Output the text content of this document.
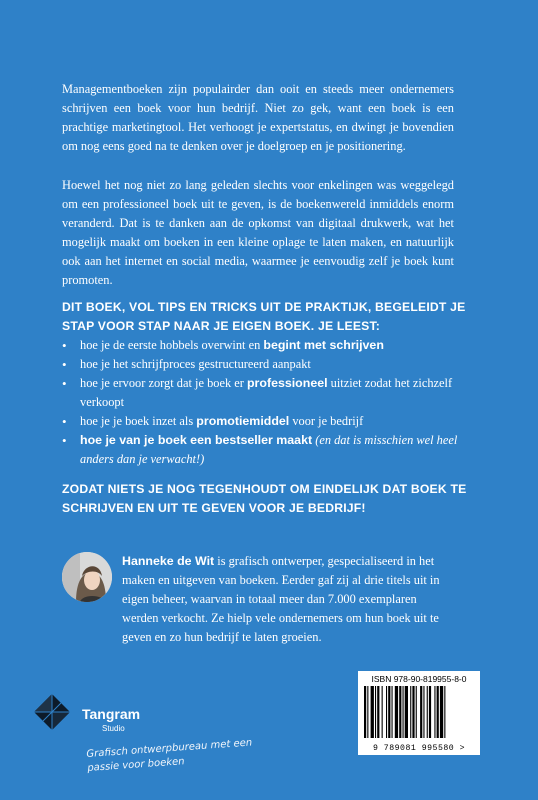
Managementboeken zijn populairder dan ooit en steeds meer ondernemers schrijven een boek voor hun bedrijf. Niet zo gek, want een boek is een prachtige marketingtool. Het verhoogt je expertstatus, en dwingt je bovendien om nog eens goed na te denken over je doelgroep en je positionering.

Hoewel het nog niet zo lang geleden slechts voor enkelingen was weggelegd om een professioneel boek uit te geven, is de boekenwereld inmiddels enorm veranderd. Dat is te danken aan de opkomst van digitaal drukwerk, wat het mogelijk maakt om boeken in een kleine oplage te laten maken, en natuurlijk ook aan het internet en social media, waarmee je eenvoudig zelf je boek kunt promoten.

DIT BOEK, VOL TIPS EN TRICKS UIT DE PRAKTIJK, BEGELEIDT JE STAP VOOR STAP NAAR JE EIGEN BOEK. JE LEEST:

• hoe je de eerste hobbels overwint en begint met schrijven
• hoe je het schrijfproces gestructureerd aanpakt
• hoe je ervoor zorgt dat je boek er professioneel uitziet zodat het zichzelf verkoopt
• hoe je je boek inzet als promotiemiddel voor je bedrijf
• hoe je van je boek een bestseller maakt (en dat is misschien wel heel anders dan je verwacht!)

ZODAT NIETS JE NOG TEGENHOUDT OM EINDELIJK DAT BOEK TE SCHRIJVEN EN UIT TE GEVEN VOOR JE BEDRIJF!

Hanneke de Wit is grafisch ontwerper, gespecialiseerd in het maken en uitgeven van boeken. Eerder gaf zij al drie titels uit in eigen beheer, waarvan in totaal meer dan 7.000 exemplaren werden verkocht. Ze hielp vele ondernemers om hun boek uit te geven en zo hun bedrijf te laten groeien.

ISBN 978-90-819955-8-0
9 789081 995580 >
Tangram
Studio
Grafisch ontwerpbureau met een passie voor boeken
